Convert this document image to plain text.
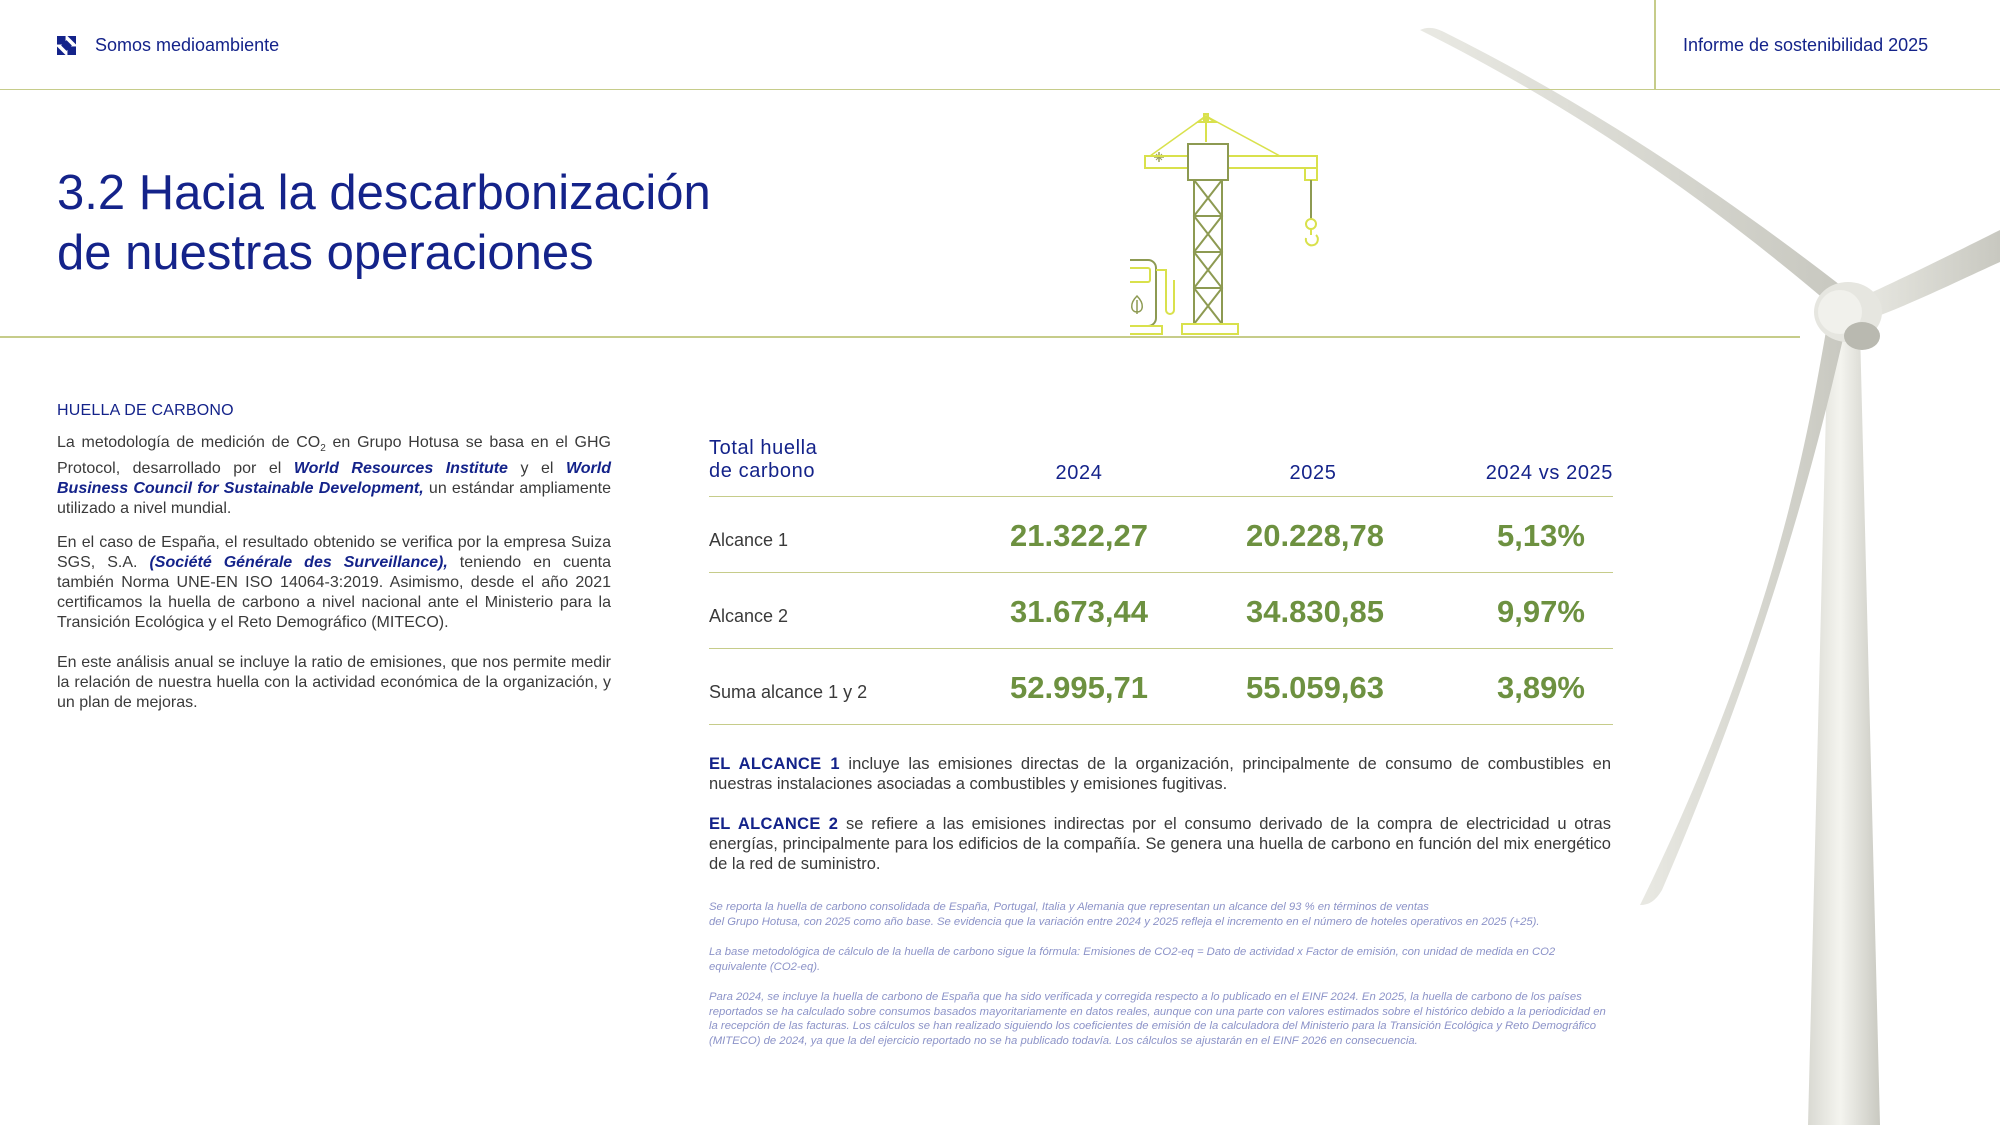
Somos medioambiente	Informe de sostenibilidad 2025
3.2 Hacia la descarbonización
de nuestras operaciones
HUELLA DE CARBONO

La metodología de medición de $CO_2$ en Grupo Hotusa se basa en el GHG Protocol, desarrollado por el World Resources Institute y el World Business Council for Sustainable Development, un estándar ampliamente utilizado a nivel mundial.

En el caso de España, el resultado obtenido se verifica por la empresa Suiza SGS, S.A. (Société Générale des Surveillance), teniendo en cuenta también Norma UNE-EN ISO 14064-3:2019. Asimismo, desde el año 2021 certificamos la huella de carbono a nivel nacional ante el Ministerio para la Transición Ecológica y el Reto Demográfico (MITECO).

En este análisis anual se incluye la ratio de emisiones, que nos permite medir la relación de nuestra huella con la actividad económica de la organización, y un plan de mejoras.

Total huella
de carbono	2024	2025	2024 vs 2025
Alcance 1	21.322,27	20.228,78	5,13%
Alcance 2	31.673,44	34.830,85	9,97%
Suma alcance 1 y 2	52.995,71	55.059,63	3,89%

EL ALCANCE 1 incluye las emisiones directas de la organización, principalmente de consumo de combustibles en nuestras instalaciones asociadas a combustibles y emisiones fugitivas.

EL ALCANCE 2 se refiere a las emisiones indirectas por el consumo derivado de la compra de electricidad u otras energías, principalmente para los edificios de la compañía. Se genera una huella de carbono en función del mix energético de la red de suministro.

Se reporta la huella de carbono consolidada de España, Portugal, Italia y Alemania que representan un alcance del 93 % en términos de ventas
del Grupo Hotusa, con 2025 como año base. Se evidencia que la variación entre 2024 y 2025 refleja el incremento en el número de hoteles operativos en 2025 (+25).

La base metodológica de cálculo de la huella de carbono sigue la fórmula: Emisiones de CO2-eq = Dato de actividad x Factor de emisión, con unidad de medida en CO2 equivalente (CO2-eq).

Para 2024, se incluye la huella de carbono de España que ha sido verificada y corregida respecto a lo publicado en el EINF 2024. En 2025, la huella de carbono de los países reportados se ha calculado sobre consumos basados mayoritariamente en datos reales, aunque con una parte con valores estimados sobre el histórico debido a la periodicidad en la recepción de las facturas. Los cálculos se han realizado siguiendo los coeficientes de emisión de la calculadora del Ministerio para la Transición Ecológica y Reto Demográfico (MITECO) de 2024, ya que la del ejercicio reportado no se ha publicado todavía. Los cálculos se ajustarán en el EINF 2026 en consecuencia.
